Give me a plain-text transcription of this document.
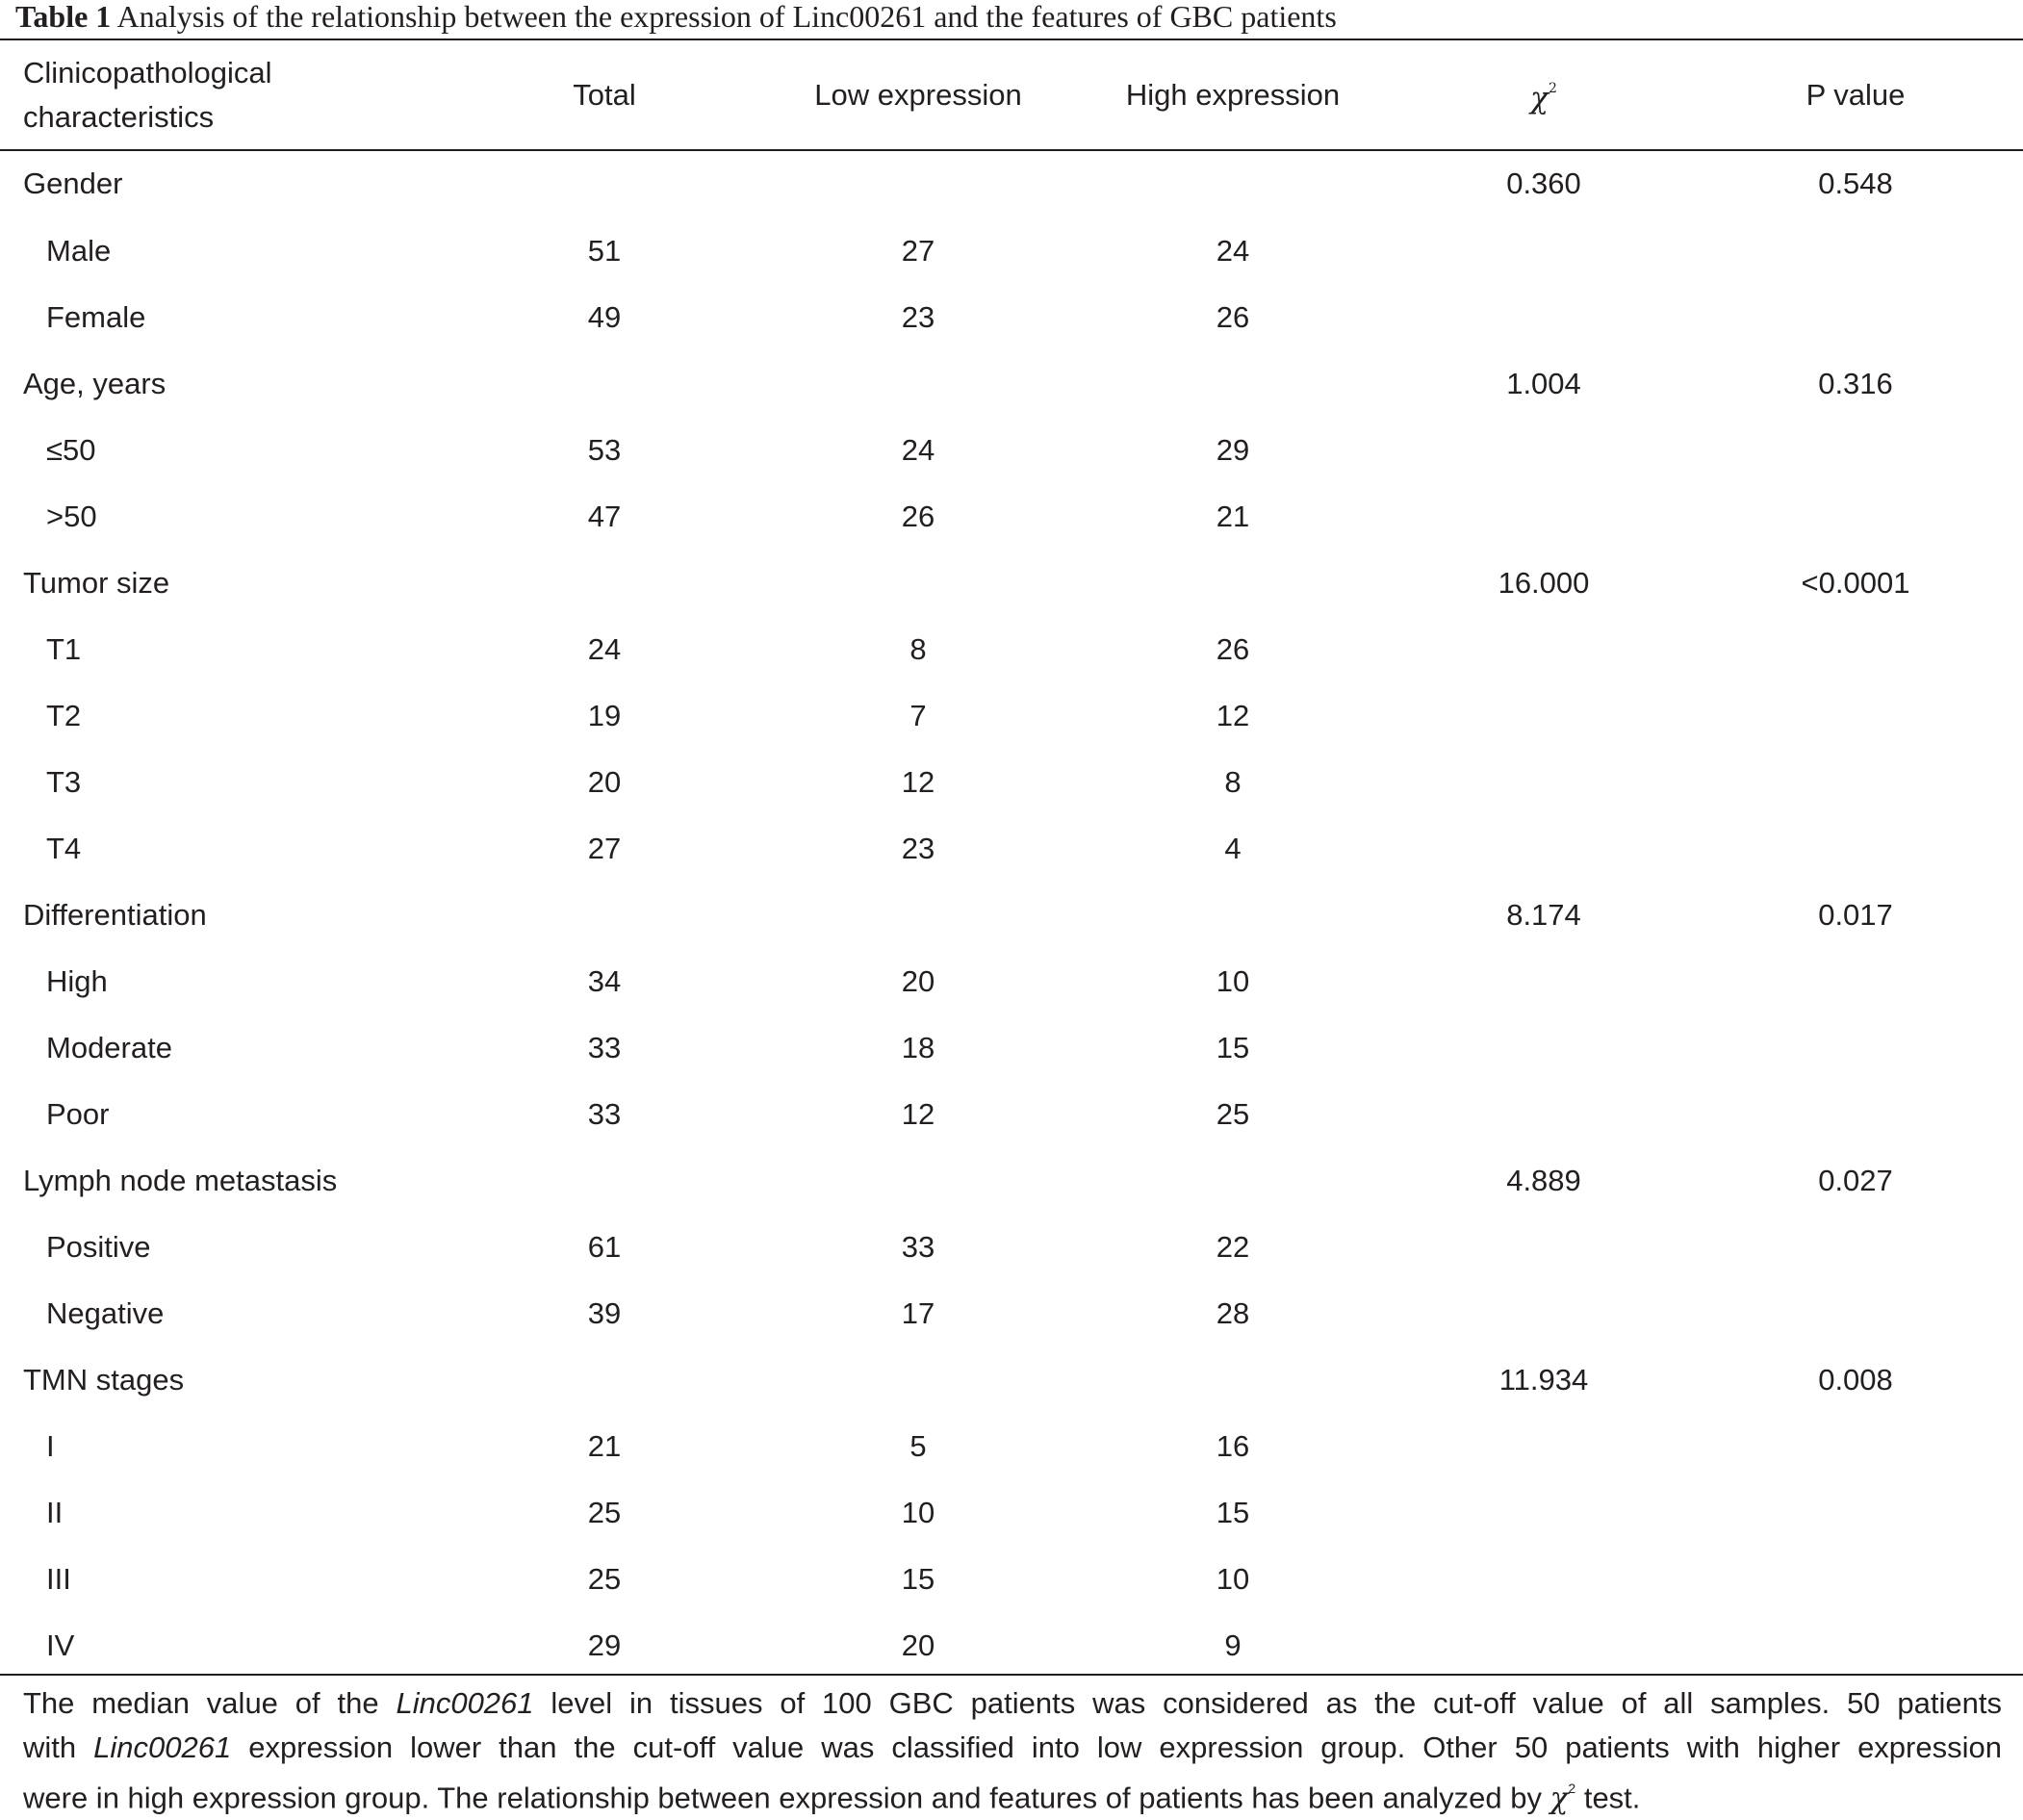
Table 1 Analysis of the relationship between the expression of Linc00261 and the features of GBC patients
Clinicopathological
characteristics	Total	Low expression	High expression	$\chi^2$	P value
Gender				0.360	0.548
Male	51	27	24		
Female	49	23	26		
Age, years				1.004	0.316
≤50	53	24	29		
>50	47	26	21		
Tumor size				16.000	<0.0001
T1	24	8	26		
T2	19	7	12		
T3	20	12	8		
T4	27	23	4		
Differentiation				8.174	0.017
High	34	20	10		
Moderate	33	18	15		
Poor	33	12	25		
Lymph node metastasis				4.889	0.027
Positive	61	33	22		
Negative	39	17	28		
TMN stages				11.934	0.008
I	21	5	16		
II	25	10	15		
III	25	15	10		
IV	29	20	9		
The median value of the Linc00261 level in tissues of 100 GBC patients was considered as the cut-off value of all samples. 50 patients
with Linc00261 expression lower than the cut-off value was classified into low expression group. Other 50 patients with higher expression
were in high expression group. The relationship between expression and features of patients has been analyzed by $\chi^2$ test.
